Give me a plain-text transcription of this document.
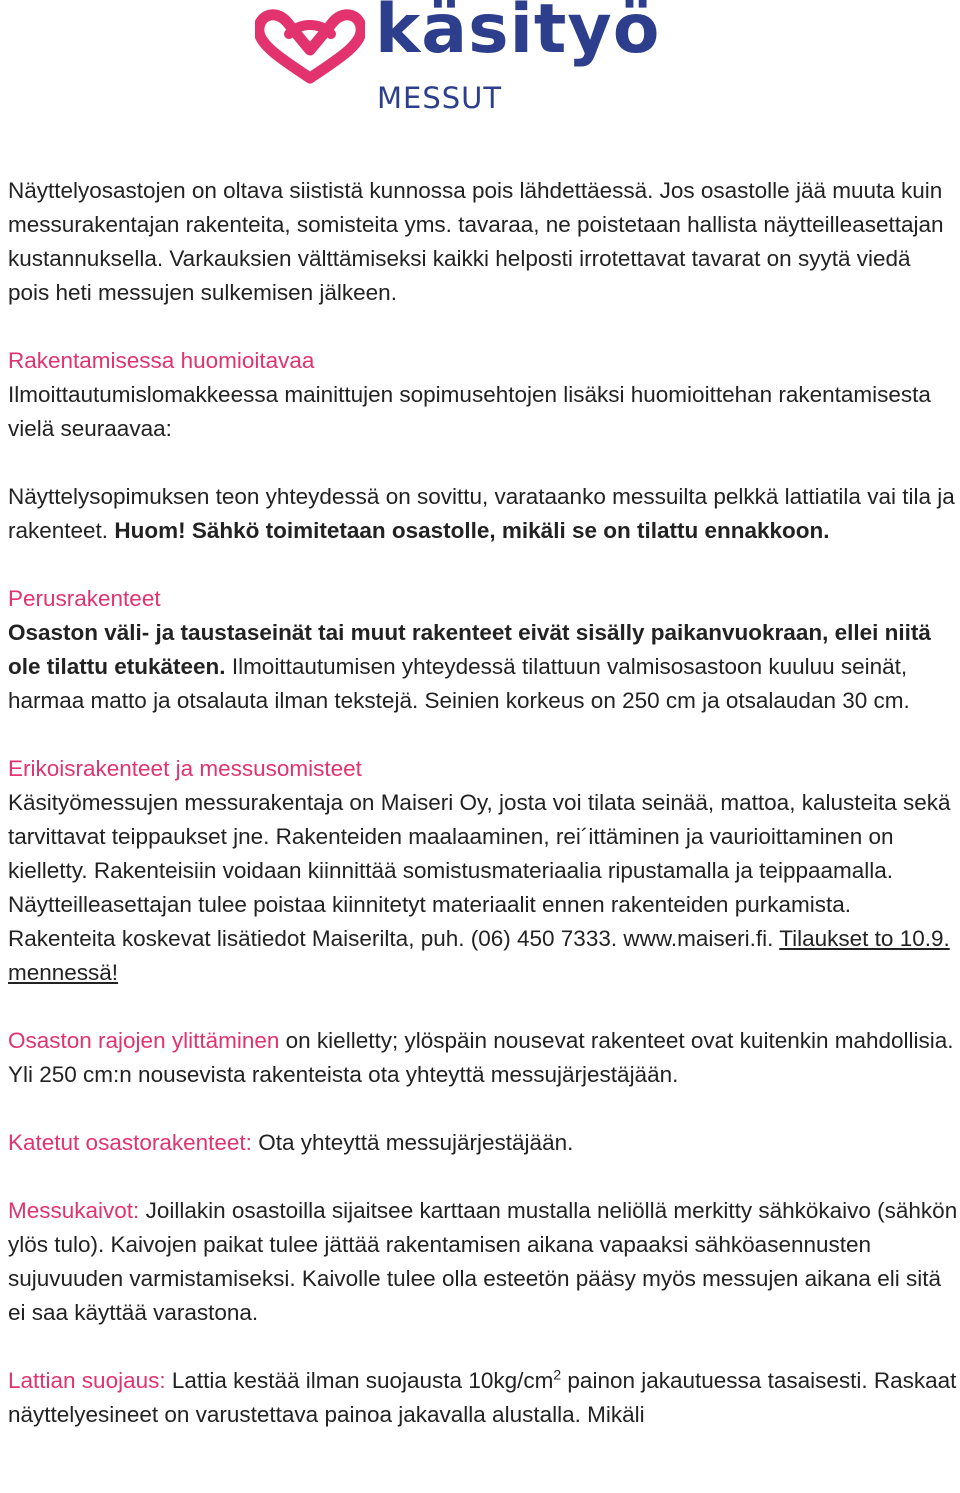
käsityö
MESSUT

Näyttelyosastojen on oltava siististä kunnossa pois lähdettäessä. Jos osastolle jää muuta kuin messurakentajan rakenteita, somisteita yms. tavaraa, ne poistetaan hallista näytteilleasettajan kustannuksella. Varkauksien välttämiseksi kaikki helposti irrotettavat tavarat on syytä viedä pois heti messujen sulkemisen jälkeen.

Rakentamisessa huomioitavaa
Ilmoittautumislomakkeessa mainittujen sopimusehtojen lisäksi huomioittehan rakentamisesta vielä seuraavaa:

Näyttelysopimuksen teon yhteydessä on sovittu, varataanko messuilta pelkkä lattiatila vai tila ja rakenteet. Huom! Sähkö toimitetaan osastolle, mikäli se on tilattu ennakkoon.

Perusrakenteet
Osaston väli- ja taustaseinät tai muut rakenteet eivät sisälly paikanvuokraan, ellei niitä ole tilattu etukäteen. Ilmoittautumisen yhteydessä tilattuun valmisosastoon kuuluu seinät, harmaa matto ja otsalauta ilman tekstejä. Seinien korkeus on 250 cm ja otsalaudan 30 cm.

Erikoisrakenteet ja messusomisteet
Käsityömessujen messurakentaja on Maiseri Oy, josta voi tilata seinää, mattoa, kalusteita sekä tarvittavat teippaukset jne. Rakenteiden maalaaminen, rei´ittäminen ja vaurioittaminen on kielletty. Rakenteisiin voidaan kiinnittää somistusmateriaalia ripustamalla ja teippaamalla. Näytteilleasettajan tulee poistaa kiinnitetyt materiaalit ennen rakenteiden purkamista. Rakenteita koskevat lisätiedot Maiserilta, puh. (06) 450 7333. www.maiseri.fi. Tilaukset to 10.9. mennessä!

Osaston rajojen ylittäminen on kielletty; ylöspäin nousevat rakenteet ovat kuitenkin mahdollisia. Yli 250 cm:n nousevista rakenteista ota yhteyttä messujärjestäjään.

Katetut osastorakenteet: Ota yhteyttä messujärjestäjään.

Messukaivot: Joillakin osastoilla sijaitsee karttaan mustalla neliöllä merkitty sähkökaivo (sähkön ylös tulo). Kaivojen paikat tulee jättää rakentamisen aikana vapaaksi sähköasennusten sujuvuuden varmistamiseksi. Kaivolle tulee olla esteetön pääsy myös messujen aikana eli sitä ei saa käyttää varastona.

Lattian suojaus: Lattia kestää ilman suojausta $10kg/cm^2$ painon jakautuessa tasaisesti. Raskaat näyttelyesineet on varustettava painoa jakavalla alustalla. Mikäli
